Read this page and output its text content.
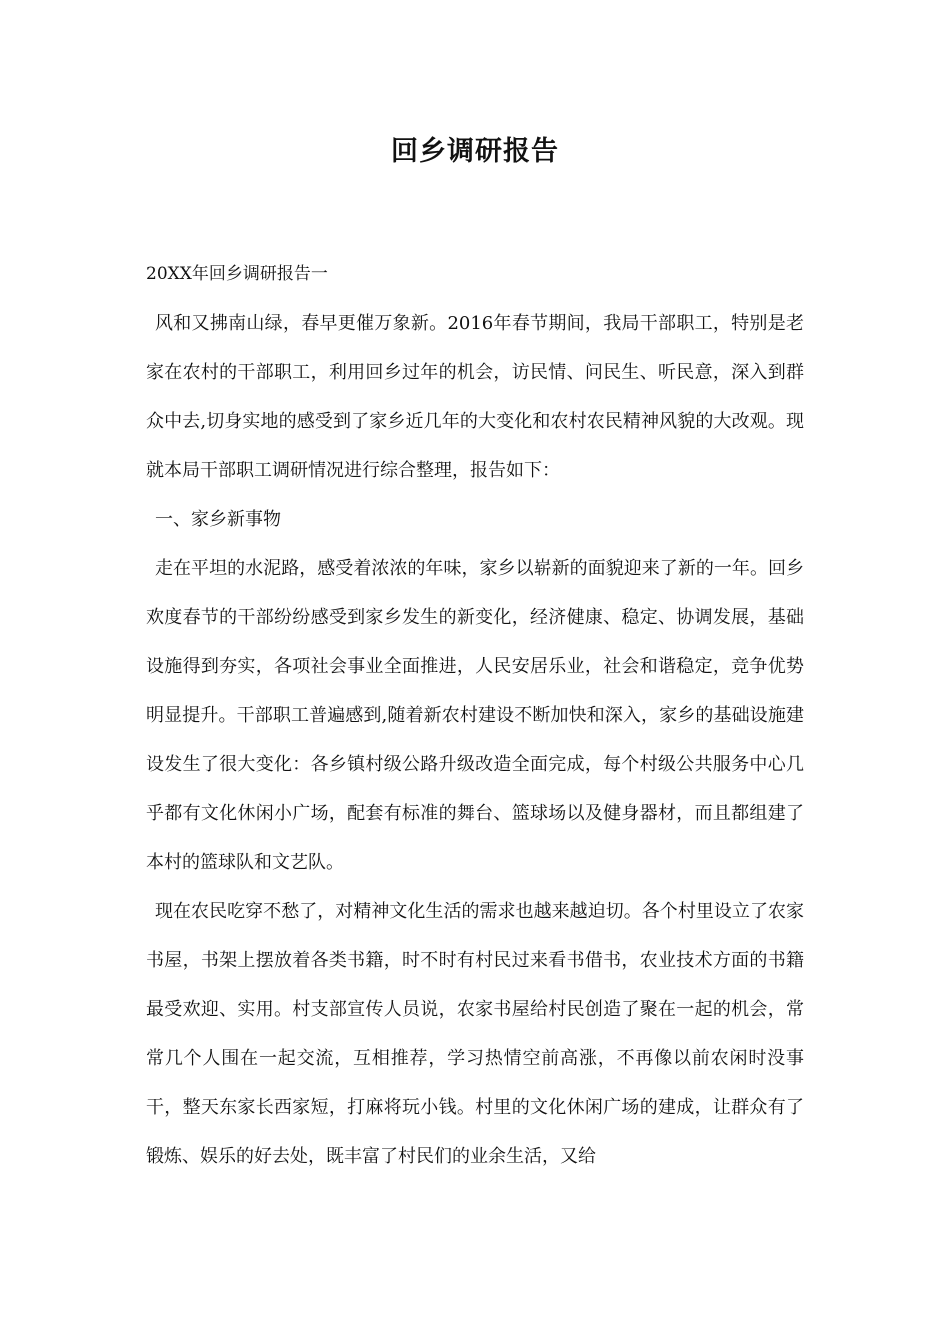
回乡调研报告

20XX年回乡调研报告一

风和又拂南山绿，春早更催万象新。2016年春节期间，我局干部职工，特别是老家在农村的干部职工，利用回乡过年的机会，访民情、问民生、听民意，深入到群众中去,切身实地的感受到了家乡近几年的大变化和农村农民精神风貌的大改观。现就本局干部职工调研情况进行综合整理，报告如下：

一、家乡新事物

走在平坦的水泥路，感受着浓浓的年味，家乡以崭新的面貌迎来了新的一年。回乡欢度春节的干部纷纷感受到家乡发生的新变化，经济健康、稳定、协调发展，基础设施得到夯实，各项社会事业全面推进，人民安居乐业，社会和谐稳定，竞争优势明显提升。干部职工普遍感到,随着新农村建设不断加快和深入，家乡的基础设施建设发生了很大变化：各乡镇村级公路升级改造全面完成，每个村级公共服务中心几乎都有文化休闲小广场，配套有标准的舞台、篮球场以及健身器材，而且都组建了本村的篮球队和文艺队。

现在农民吃穿不愁了，对精神文化生活的需求也越来越迫切。各个村里设立了农家书屋，书架上摆放着各类书籍，时不时有村民过来看书借书，农业技术方面的书籍最受欢迎、实用。村支部宣传人员说，农家书屋给村民创造了聚在一起的机会，常常几个人围在一起交流，互相推荐，学习热情空前高涨，不再像以前农闲时没事干，整天东家长西家短，打麻将玩小钱。村里的文化休闲广场的建成，让群众有了锻炼、娱乐的好去处，既丰富了村民们的业余生活，又给
